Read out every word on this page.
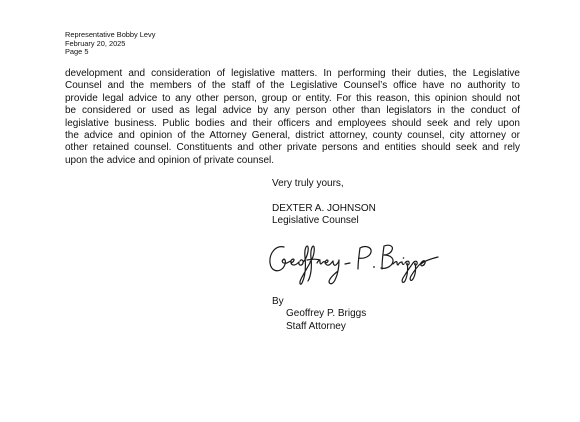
Representative Bobby Levy
February 20, 2025
Page 5

development and consideration of legislative matters. In performing their duties, the Legislative
Counsel and the members of the staff of the Legislative Counsel’s office have no authority to
provide legal advice to any other person, group or entity. For this reason, this opinion should not
be considered or used as legal advice by any person other than legislators in the conduct of
legislative business. Public bodies and their officers and employees should seek and rely upon
the advice and opinion of the Attorney General, district attorney, county counsel, city attorney or
other retained counsel. Constituents and other private persons and entities should seek and rely
upon the advice and opinion of private counsel.

Very truly yours,
DEXTER A. JOHNSON
Legislative Counsel
By
Geoffrey P. Briggs
Staff Attorney
